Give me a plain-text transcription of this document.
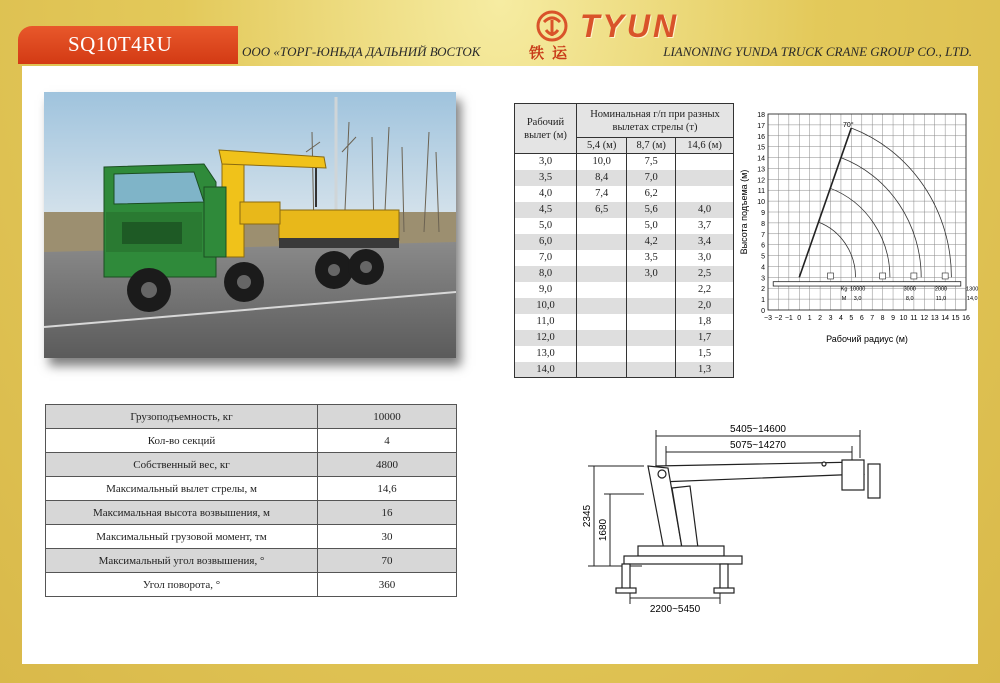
SQ10T4RU
TYUN
铁运
ООО «ТОРГ-ЮНЬДА ДАЛЬНИЙ ВОСТОК	LIANONING YUNDA TRUCK CRANE GROUP CO., LTD.
Грузоподъемность, кг	10000
Кол-во секций	4
Собственный вес, кг	4800
Максимальный вылет стрелы, м	14,6
Максимальная высота возвышения, м	16
Максимальный грузовой момент, тм	30
Максимальный угол возвышения, °	70
Угол поворота, °	360
Рабочий вылет (м)	Номинальная г/п при разных вылетах стрелы (т)		
	5,4 (м)	8,7 (м)	14,6 (м)
3,0	10,0	7,5	
3,5	8,4	7,0	
4,0	7,4	6,2	
4,5	6,5	5,6	4,0
5,0		5,0	3,7
6,0		4,2	3,4
7,0		3,5	3,0
8,0		3,0	2,5
9,0			2,2
10,0			2,0
11,0			1,8
12,0			1,7
13,0			1,5
14,0			1,3
0
1
2
3
4
5
6
7
8
9
10
11
12
13
14
15
16
17
18
−3 −2 −1 0 1 2 3 4 5 6 7 8 9 10 11 12 13 14 15 16
70°
Kg
M
10000
3,0
3000
8,0
2000
11,0
1300
14,0
Высота подъема (м)
Рабочий радиус (м)
5405~14600
5075~14270
2345
1680
2200~5450
